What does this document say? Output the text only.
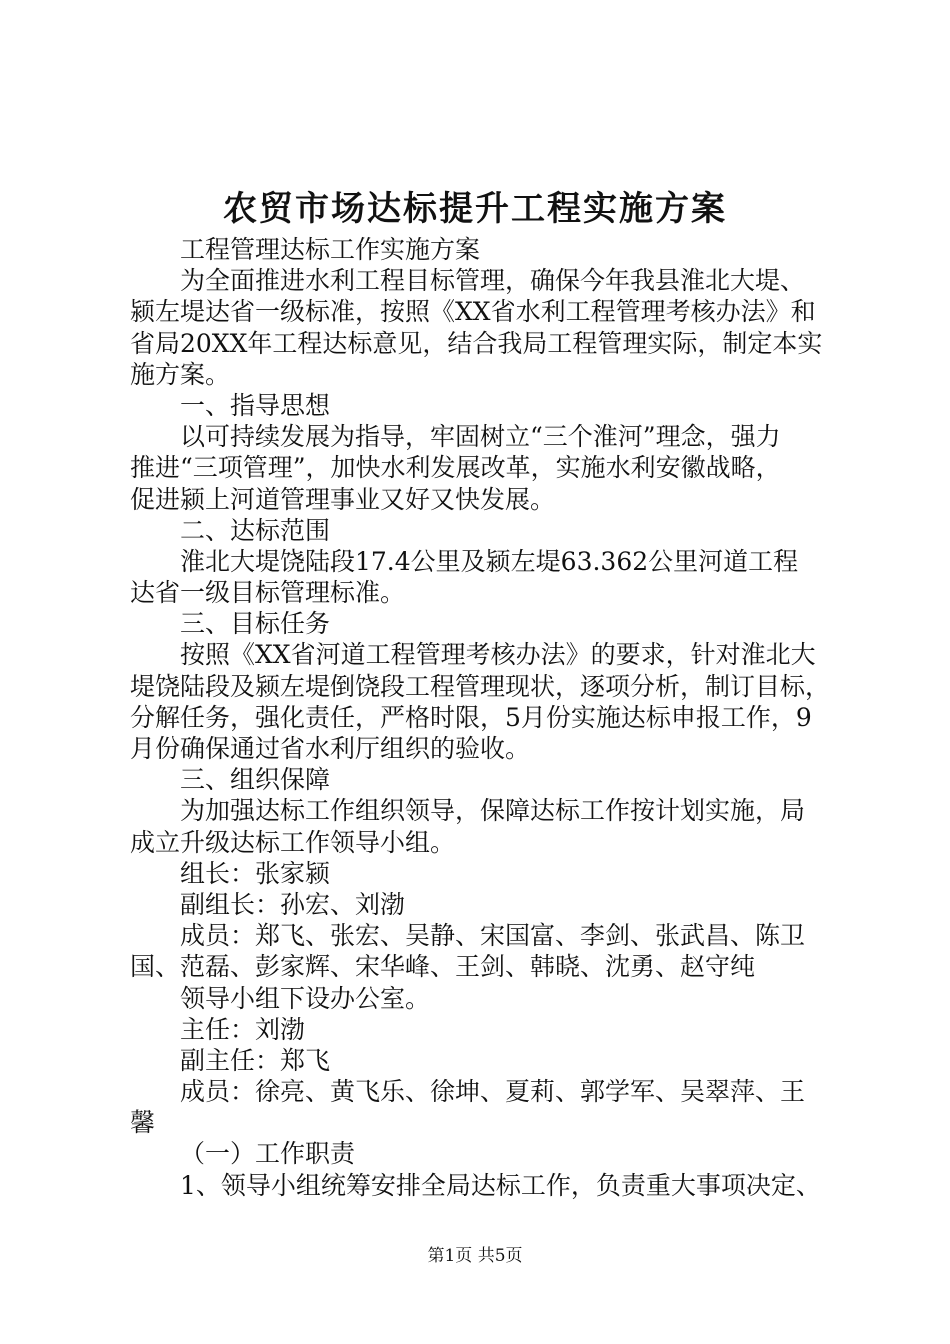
农贸市场达标提升工程实施方案
工程管理达标工作实施方案
为全面推进水利工程目标管理，确保今年我县淮北大堤、
颍左堤达省一级标准，按照《XX省水利工程管理考核办法》和
省局20XX年工程达标意见，结合我局工程管理实际，制定本实
施方案。
一、指导思想
以可持续发展为指导，牢固树立“三个淮河”理念，强力
推进“三项管理”，加快水利发展改革，实施水利安徽战略，
促进颍上河道管理事业又好又快发展。
二、达标范围
淮北大堤饶陆段17.4公里及颍左堤63.362公里河道工程
达省一级目标管理标准。
三、目标任务
按照《XX省河道工程管理考核办法》的要求，针对淮北大
堤饶陆段及颍左堤倒饶段工程管理现状，逐项分析，制订目标，
分解任务，强化责任，严格时限，5月份实施达标申报工作，9
月份确保通过省水利厅组织的验收。
三、组织保障
为加强达标工作组织领导，保障达标工作按计划实施，局
成立升级达标工作领导小组。
组长：张家颍
副组长：孙宏、刘渤
成员：郑飞、张宏、吴静、宋国富、李剑、张武昌、陈卫
国、范磊、彭家辉、宋华峰、王剑、韩晓、沈勇、赵守纯
领导小组下设办公室。
主任：刘渤
副主任：郑飞
成员：徐亮、黄飞乐、徐坤、夏莉、郭学军、吴翠萍、王
馨
（一）工作职责
1、领导小组统筹安排全局达标工作，负责重大事项决定、
第1页 共5页
